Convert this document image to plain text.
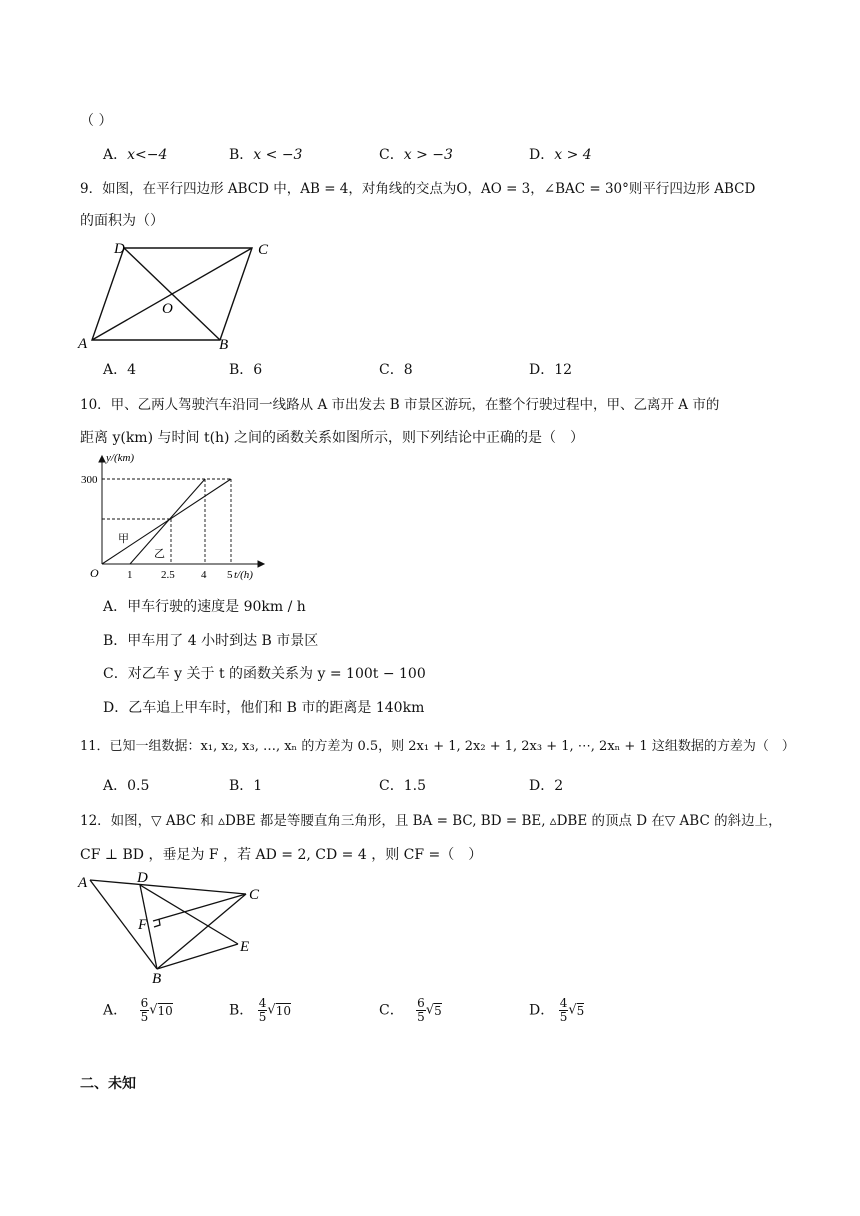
（ ）
A．x<−4	B．x < −3	C．x > −3	D．x > 4
9．如图，在平行四边形 ABCD 中，AB = 4，对角线的交点为O，AO = 3，∠BAC = 30°则平行四边形 ABCD
的面积为（）
A	B
C
D
O
A．4	B．6	C．8	D．12
10．甲、乙两人驾驶汽车沿同一线路从 A 市出发去 B 市景区游玩，在整个行驶过程中，甲、乙离开 A 市的
距离 y(km) 与时间 t(h) 之间的函数关系如图所示，则下列结论中正确的是（　）
300
y/(km)
t/(h)
O	1	2.5 4 5
甲
乙
A．甲车行驶的速度是 90km / h
B．甲车用了 4 小时到达 B 市景区
C．对乙车 y 关于 t 的函数关系为 y = 100t − 100
D．乙车追上甲车时，他们和 B 市的距离是 140km
11．已知一组数据：x₁, x₂, x₃, …, xₙ 的方差为 0.5，则 2x₁ + 1, 2x₂ + 1, 2x₃ + 1, ⋯, 2xₙ + 1 这组数据的方差为（　）
A．0.5	B．1	C．1.5	D．2
12．如图，▽ ABC 和 ▵DBE 都是等腰直角三角形，且 BA = BC, BD = BE, ▵DBE 的顶点 D 在▽ ABC 的斜边上，
CF ⊥ BD ，垂足为 F ，若 AD = 2, CD = 4 ，则 CF =（　）
A	D
C
F
E
B
A． $\frac{6}{5} √10$	B． $\frac{4}{5} √10$	C． $\frac{6}{5} √5$	D． $\frac{4}{5} √5$
二、未知
